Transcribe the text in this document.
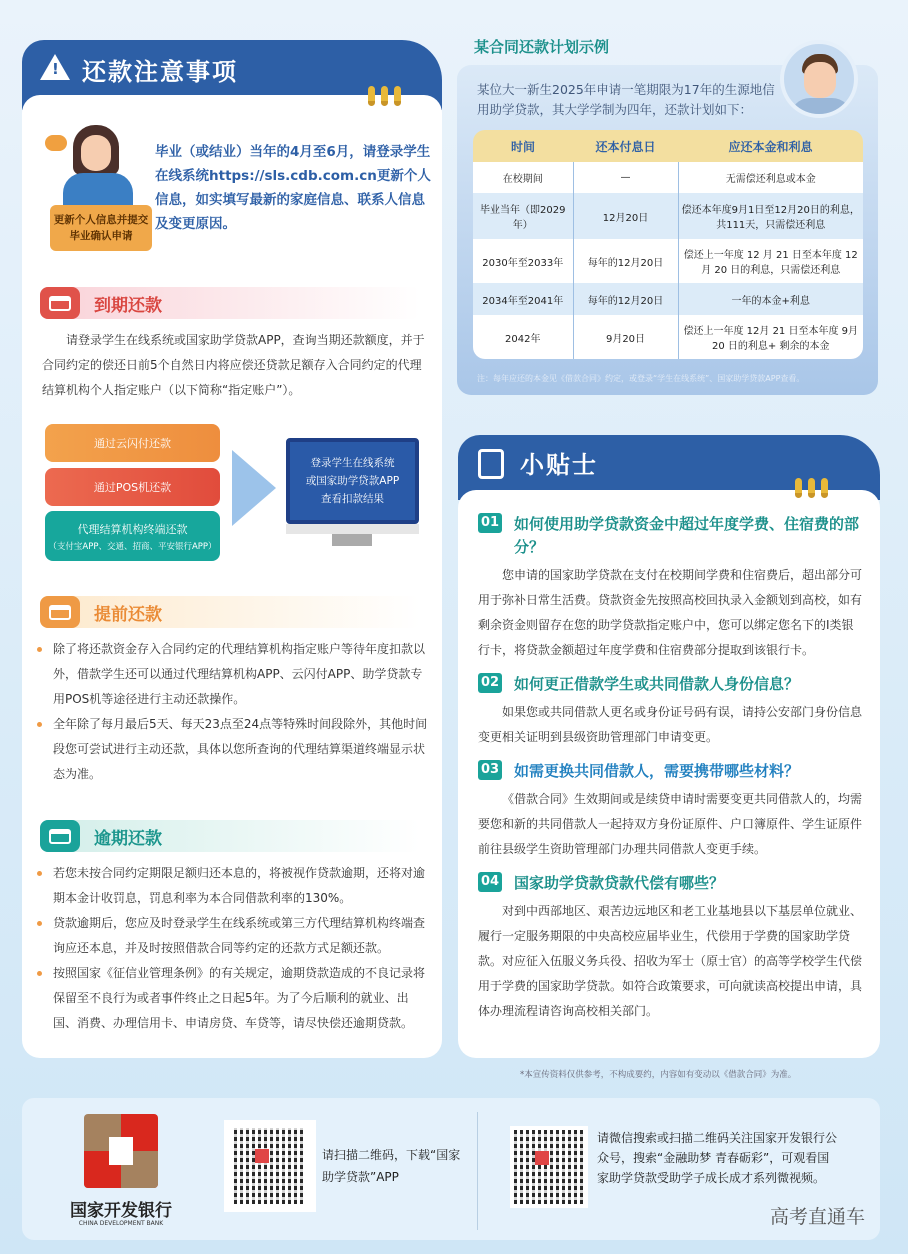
!
还款注意事项
更新个人信息并提交毕业确认申请
毕业（或结业）当年的4月至6月，请登录学生在线系统https://sls.cdb.com.cn更新个人信息，如实填写最新的家庭信息、联系人信息及变更原因。
到期还款
请登录学生在线系统或国家助学贷款APP，查询当期还款额度，并于合同约定的偿还日前5个自然日内将应偿还贷款足额存入合同约定的代理结算机构个人指定账户（以下简称“指定账户”）。
通过云闪付还款
通过POS机还款
代理结算机构终端还款
（支付宝APP、交通、招商、平安银行APP）
登录学生在线系统
或国家助学贷款APP
查看扣款结果
提前还款
除了将还款资金存入合同约定的代理结算机构指定账户等待年度扣款以外，借款学生还可以通过代理结算机构APP、云闪付APP、助学贷款专用POS机等途径进行主动还款操作。
全年除了每月最后5天、每天23点至24点等特殊时间段除外，其他时间段您可尝试进行主动还款，具体以您所查询的代理结算渠道终端显示状态为准。
逾期还款
若您未按合同约定期限足额归还本息的，将被视作贷款逾期，还将对逾期本金计收罚息，罚息利率为本合同借款利率的130%。
贷款逾期后，您应及时登录学生在线系统或第三方代理结算机构终端查询应还本息，并及时按照借款合同等约定的还款方式足额还款。
按照国家《征信业管理条例》的有关规定，逾期贷款造成的不良记录将保留至不良行为或者事件终止之日起5年。为了今后顺利的就业、出国、消费、办理信用卡、申请房贷、车贷等，请尽快偿还逾期贷款。
某合同还款计划示例
某位大一新生2025年申请一笔期限为17年的生源地信用助学贷款，其大学学制为四年，还款计划如下：
时间	还本付息日	应还本金和利息
在校期间	—	无需偿还利息或本金
毕业当年（即2029年）	12月20日	偿还本年度9月1日至12月20日的利息，共111天，只需偿还利息
2030年至2033年	每年的12月20日	偿还上一年度 12 月 21 日至本年度 12 月 20 日的利息，只需偿还利息
2034年至2041年	每年的12月20日	一年的本金+利息
2042年	9月20日	偿还上一年度 12月 21 日至本年度 9月 20 日的利息+ 剩余的本金
注：每年应还的本金见《借款合同》约定，或登录“学生在线系统”、国家助学贷款APP查看。
小贴士
01 如何使用助学贷款资金中超过年度学费、住宿费的部分？
您申请的国家助学贷款在支付在校期间学费和住宿费后，超出部分可用于弥补日常生活费。贷款资金先按照高校回执录入金额划到高校，如有剩余资金则留存在您的助学贷款指定账户中，您可以绑定您名下的Ⅰ类银行卡，将贷款金额超过年度学费和住宿费部分提取到该银行卡。
02 如何更正借款学生或共同借款人身份信息？
如果您或共同借款人更名或身份证号码有误，请持公安部门身份信息变更相关证明到县级资助管理部门申请变更。
03 如需更换共同借款人，需要携带哪些材料？
《借款合同》生效期间或是续贷申请时需要变更共同借款人的，均需要您和新的共同借款人一起持双方身份证原件、户口簿原件、学生证原件前往县级学生资助管理部门办理共同借款人变更手续。
04 国家助学贷款贷款代偿有哪些？
对到中西部地区、艰苦边远地区和老工业基地县以下基层单位就业、履行一定服务期限的中央高校应届毕业生，代偿用于学费的国家助学贷款。对应征入伍服义务兵役、招收为军士（原士官）的高等学校学生代偿用于学费的国家助学贷款。如符合政策要求，可向就读高校提出申请，具体办理流程请咨询高校相关部门。
*本宣传资料仅供参考，不构成要约，内容如有变动以《借款合同》为准。
国家开发银行
CHINA DEVELOPMENT BANK
请扫描二维码，下载“国家助学贷款”APP
请微信搜索或扫描二维码关注国家开发银行公众号，搜索“金融助梦 青春砺彩”，可观看国家助学贷款受助学子成长成才系列微视频。
高考直通车
